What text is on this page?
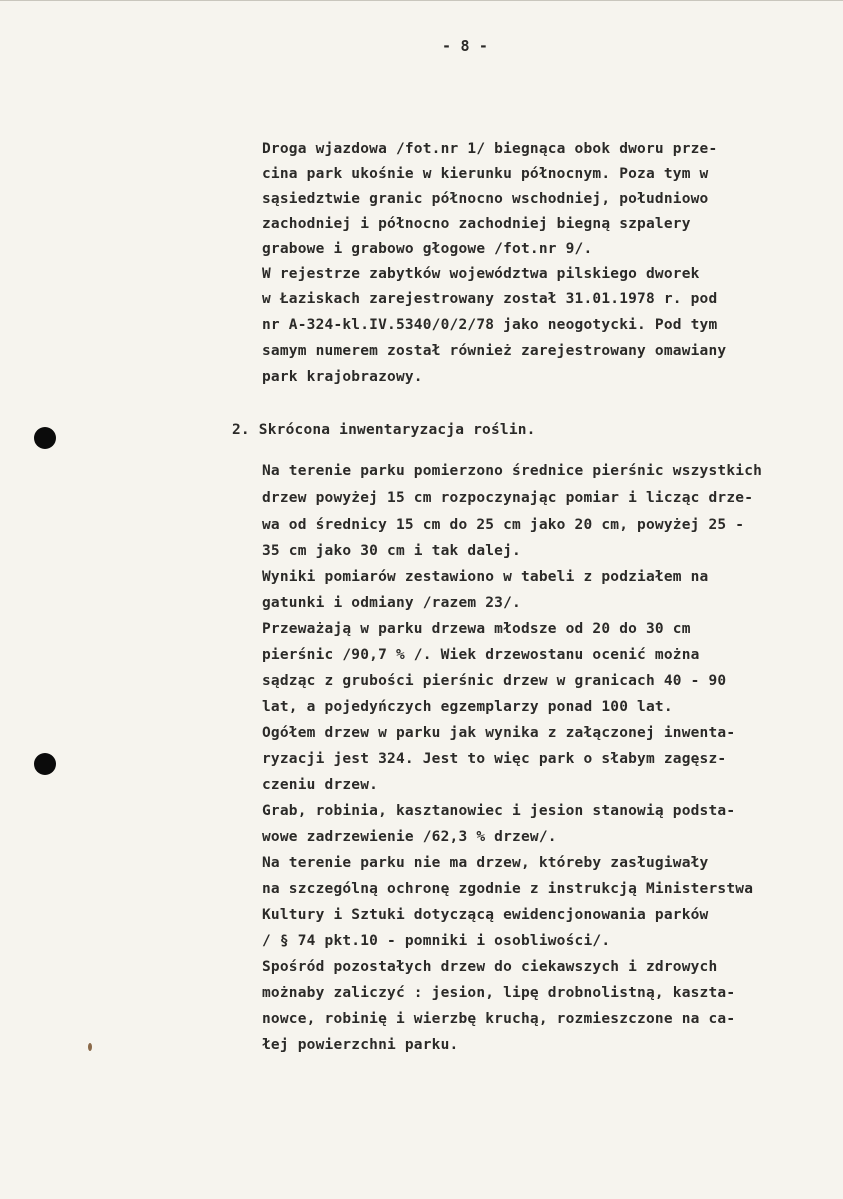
- 8 -

Droga wjazdowa /fot.nr 1/ biegnąca obok dworu prze-

cina park ukośnie w kierunku północnym. Poza tym w

sąsiedztwie granic północno wschodniej, południowo

zachodniej i północno zachodniej biegną szpalery

grabowe i grabowo głogowe /fot.nr 9/.

W rejestrze zabytków województwa pilskiego dworek

w Łaziskach zarejestrowany został 31.01.1978 r. pod

nr A-324-kl.IV.5340/0/2/78 jako neogotycki. Pod tym

samym numerem został również zarejestrowany omawiany

park krajobrazowy.

2. Skrócona inwentaryzacja roślin.

Na terenie parku pomierzono średnice pierśnic wszystkich

drzew powyżej 15 cm rozpoczynając pomiar i licząc drze-

wa od średnicy 15 cm do 25 cm jako 20 cm, powyżej 25 -

35 cm jako 30 cm i tak dalej.

Wyniki pomiarów zestawiono w tabeli z podziałem na

gatunki i odmiany /razem 23/.

Przeważają w parku drzewa młodsze od 20 do 30 cm

pierśnic /90,7 % /. Wiek drzewostanu ocenić można

sądząc z grubości pierśnic drzew w granicach 40 - 90

lat, a pojedyńczych egzemplarzy ponad 100 lat.

Ogółem drzew w parku jak wynika z załączonej inwenta-

ryzacji jest 324. Jest to więc park o słabym zagęsz-

czeniu drzew.

Grab, robinia, kasztanowiec i jesion stanowią podsta-

wowe zadrzewienie /62,3 % drzew/.

Na terenie parku nie ma drzew, któreby zasługiwały

na szczególną ochronę zgodnie z instrukcją Ministerstwa

Kultury i Sztuki dotyczącą ewidencjonowania parków

/ § 74 pkt.10 - pomniki i osobliwości/.

Spośród pozostałych drzew do ciekawszych i zdrowych

możnaby zaliczyć : jesion, lipę drobnolistną, kaszta-

nowce, robinię i wierzbę kruchą, rozmieszczone na ca-

łej powierzchni parku.
